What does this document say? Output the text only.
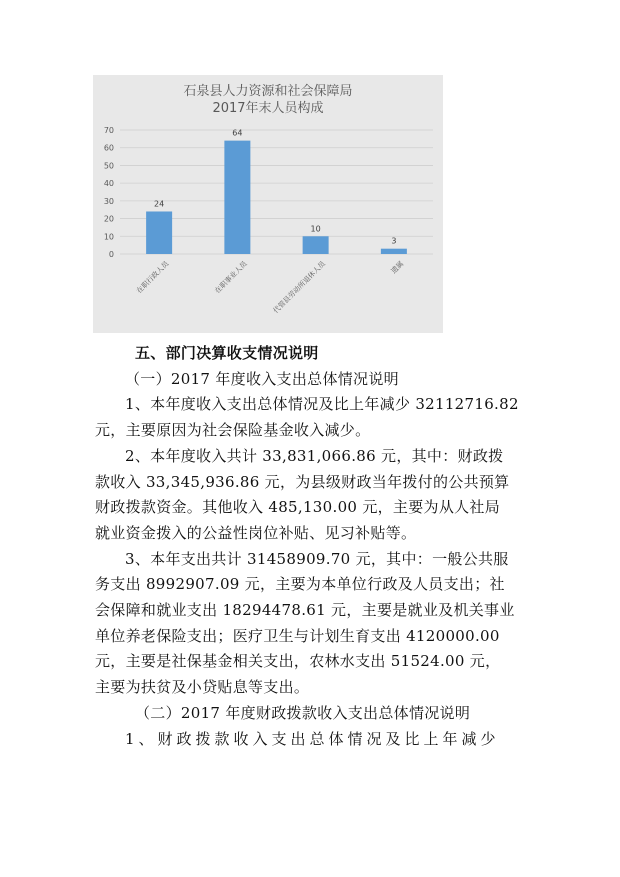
石泉县人力资源和社会保障局
2017年末人员构成
0
10
20
30
40
50
60
70
24
64
10
3
在职行政人员	在职事业人员	代管县劳动所退休人员	遗属
五、部门决算收支情况说明
（一）2017 年度收入支出总体情况说明
1、本年度收入支出总体情况及比上年减少 32112716.82
元，主要原因为社会保险基金收入减少。
2、本年度收入共计 33,831,066.86 元，其中：财政拨
款收入 33,345,936.86 元，为县级财政当年拨付的公共预算
财政拨款资金。其他收入 485,130.00 元，主要为从人社局
就业资金拨入的公益性岗位补贴、见习补贴等。
3、本年支出共计 31458909.70 元，其中：一般公共服
务支出 8992907.09 元，主要为本单位行政及人员支出；社
会保障和就业支出 18294478.61 元，主要是就业及机关事业
单位养老保险支出；医疗卫生与计划生育支出 4120000.00
元，主要是社保基金相关支出，农林水支出 51524.00 元，
主要为扶贫及小贷贴息等支出。
（二）2017 年度财政拨款收入支出总体情况说明
1、财政拨款收入支出总体情况及比上年减少
